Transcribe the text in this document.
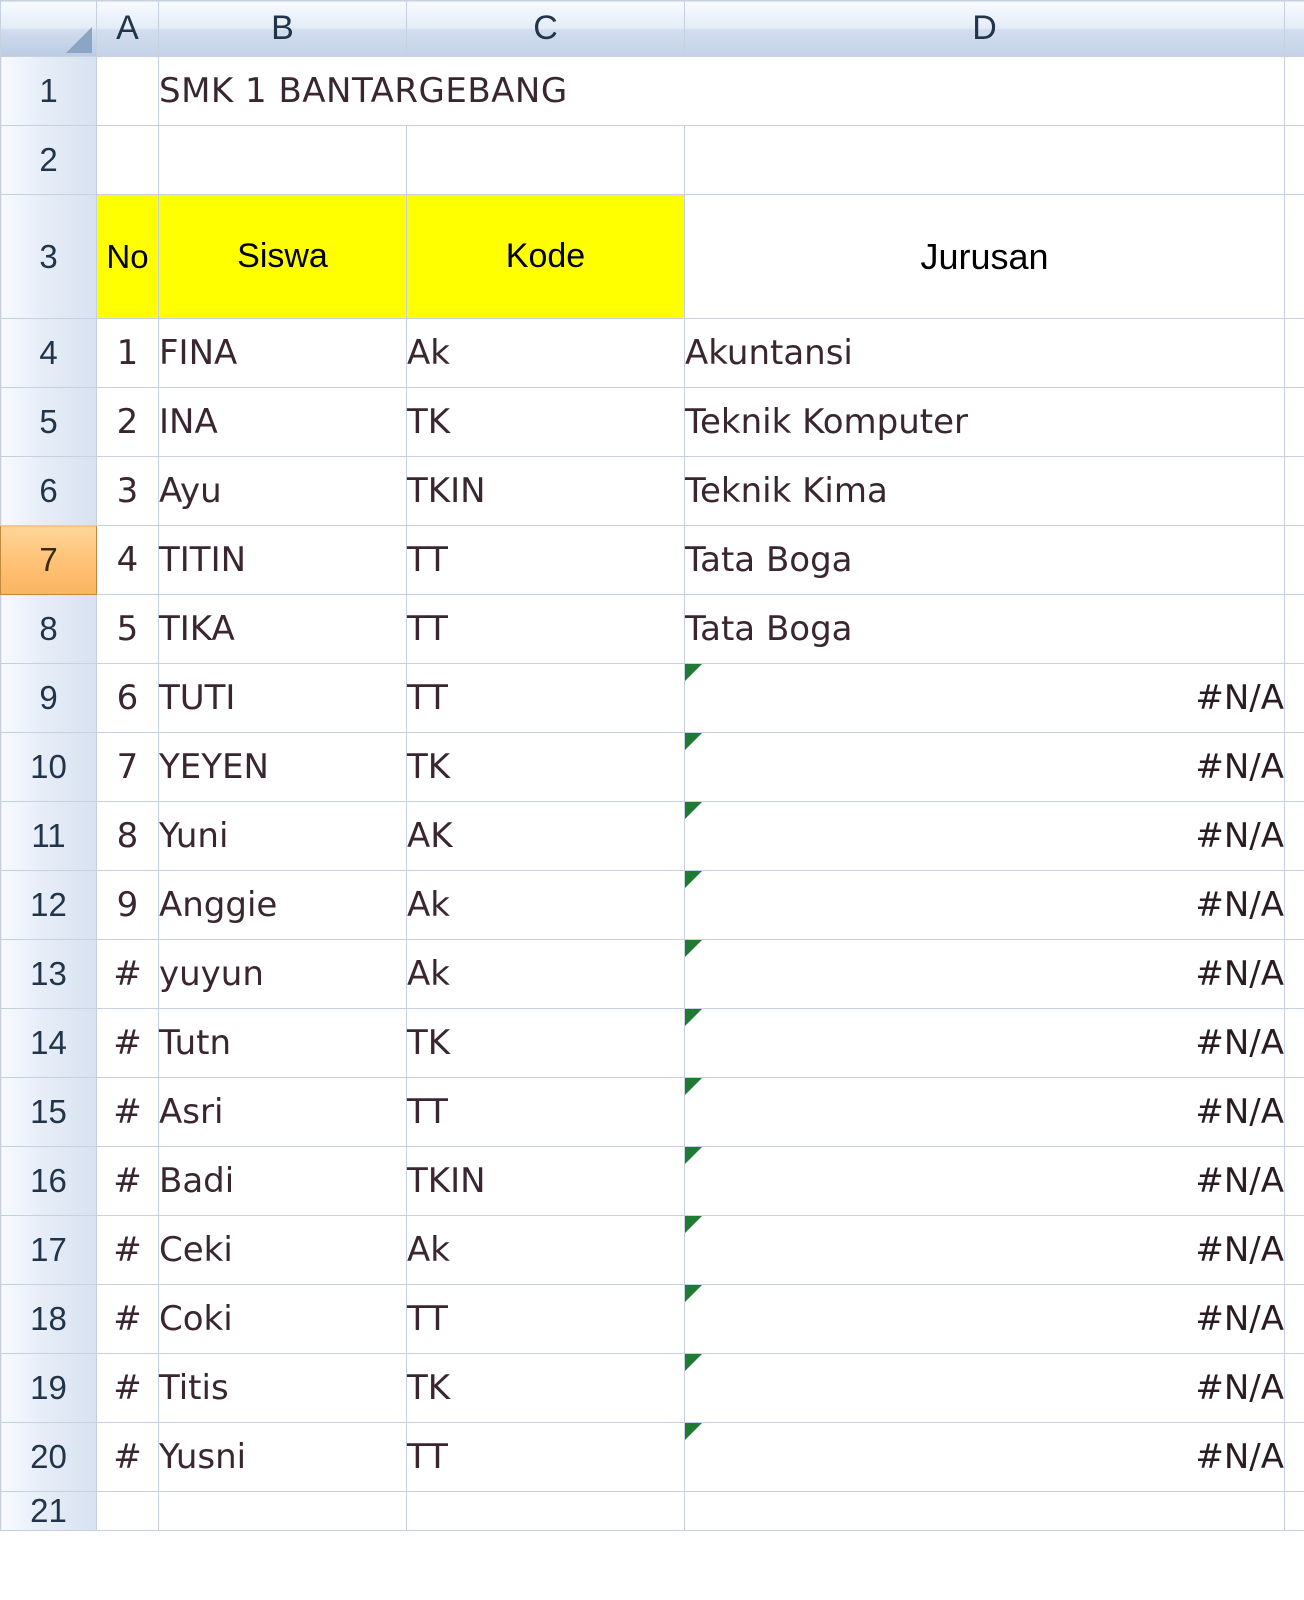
	A	B	C	D	
1		SMK 1 BANTARGEBANG			
2					
3	No	Siswa	Kode	Jurusan	
4	1	FINA	Ak	Akuntansi	
5	2	INA	TK	Teknik Komputer	
6	3	Ayu	TKIN	Teknik Kima	
7	4	TITIN	TT	Tata Boga	
8	5	TIKA	TT	Tata Boga	
9	6	TUTI	TT	#N/A	
10	7	YEYEN	TK	#N/A	
11	8	Yuni	AK	#N/A	
12	9	Anggie	Ak	#N/A	
13	#	yuyun	Ak	#N/A	
14	#	Tutn	TK	#N/A	
15	#	Asri	TT	#N/A	
16	#	Badi	TKIN	#N/A	
17	#	Ceki	Ak	#N/A	
18	#	Coki	TT	#N/A	
19	#	Titis	TK	#N/A	
20	#	Yusni	TT	#N/A	
21					
